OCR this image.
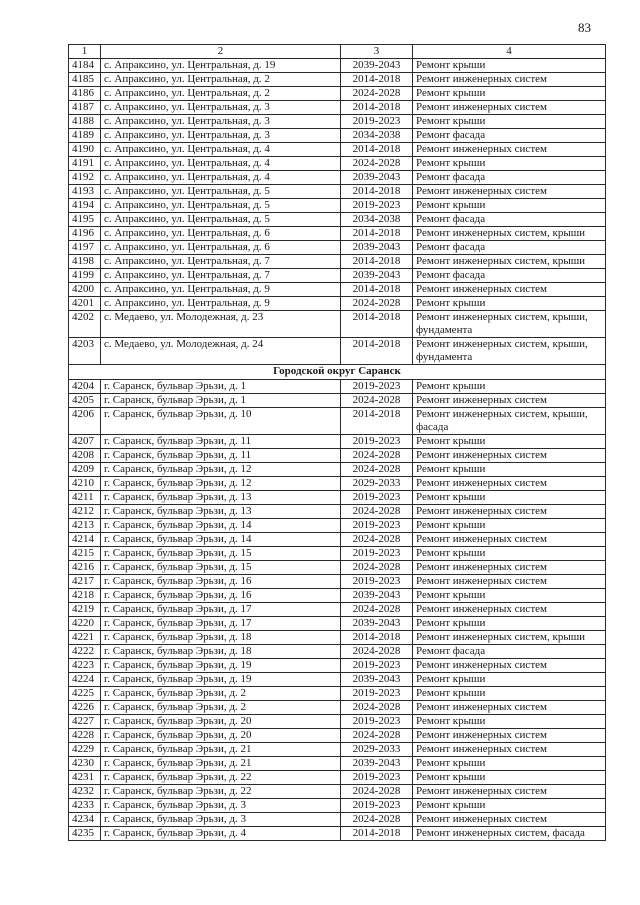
83
1	2	3	4
4184	с. Апраксино, ул. Центральная, д. 19	2039-2043	Ремонт крыши
4185	с. Апраксино, ул. Центральная, д. 2	2014-2018	Ремонт инженерных систем
4186	с. Апраксино, ул. Центральная, д. 2	2024-2028	Ремонт крыши
4187	с. Апраксино, ул. Центральная, д. 3	2014-2018	Ремонт инженерных систем
4188	с. Апраксино, ул. Центральная, д. 3	2019-2023	Ремонт крыши
4189	с. Апраксино, ул. Центральная, д. 3	2034-2038	Ремонт фасада
4190	с. Апраксино, ул. Центральная, д. 4	2014-2018	Ремонт инженерных систем
4191	с. Апраксино, ул. Центральная, д. 4	2024-2028	Ремонт крыши
4192	с. Апраксино, ул. Центральная, д. 4	2039-2043	Ремонт фасада
4193	с. Апраксино, ул. Центральная, д. 5	2014-2018	Ремонт инженерных систем
4194	с. Апраксино, ул. Центральная, д. 5	2019-2023	Ремонт крыши
4195	с. Апраксино, ул. Центральная, д. 5	2034-2038	Ремонт фасада
4196	с. Апраксино, ул. Центральная, д. 6	2014-2018	Ремонт инженерных систем, крыши
4197	с. Апраксино, ул. Центральная, д. 6	2039-2043	Ремонт фасада
4198	с. Апраксино, ул. Центральная, д. 7	2014-2018	Ремонт инженерных систем, крыши
4199	с. Апраксино, ул. Центральная, д. 7	2039-2043	Ремонт фасада
4200	с. Апраксино, ул. Центральная, д. 9	2014-2018	Ремонт инженерных систем
4201	с. Апраксино, ул. Центральная, д. 9	2024-2028	Ремонт крыши
4202	с. Медаево, ул. Молодежная, д. 23	2014-2018	Ремонт инженерных систем, крыши, фундамента
4203	с. Медаево, ул. Молодежная, д. 24	2014-2018	Ремонт инженерных систем, крыши, фундамента
Городской округ Саранск			
4204	г. Саранск, бульвар Эрьзи, д. 1	2019-2023	Ремонт крыши
4205	г. Саранск, бульвар Эрьзи, д. 1	2024-2028	Ремонт инженерных систем
4206	г. Саранск, бульвар Эрьзи, д. 10	2014-2018	Ремонт инженерных систем, крыши, фасада
4207	г. Саранск, бульвар Эрьзи, д. 11	2019-2023	Ремонт крыши
4208	г. Саранск, бульвар Эрьзи, д. 11	2024-2028	Ремонт инженерных систем
4209	г. Саранск, бульвар Эрьзи, д. 12	2024-2028	Ремонт крыши
4210	г. Саранск, бульвар Эрьзи, д. 12	2029-2033	Ремонт инженерных систем
4211	г. Саранск, бульвар Эрьзи, д. 13	2019-2023	Ремонт крыши
4212	г. Саранск, бульвар Эрьзи, д. 13	2024-2028	Ремонт инженерных систем
4213	г. Саранск, бульвар Эрьзи, д. 14	2019-2023	Ремонт крыши
4214	г. Саранск, бульвар Эрьзи, д. 14	2024-2028	Ремонт инженерных систем
4215	г. Саранск, бульвар Эрьзи, д. 15	2019-2023	Ремонт крыши
4216	г. Саранск, бульвар Эрьзи, д. 15	2024-2028	Ремонт инженерных систем
4217	г. Саранск, бульвар Эрьзи, д. 16	2019-2023	Ремонт инженерных систем
4218	г. Саранск, бульвар Эрьзи, д. 16	2039-2043	Ремонт крыши
4219	г. Саранск, бульвар Эрьзи, д. 17	2024-2028	Ремонт инженерных систем
4220	г. Саранск, бульвар Эрьзи, д. 17	2039-2043	Ремонт крыши
4221	г. Саранск, бульвар Эрьзи, д. 18	2014-2018	Ремонт инженерных систем, крыши
4222	г. Саранск, бульвар Эрьзи, д. 18	2024-2028	Ремонт фасада
4223	г. Саранск, бульвар Эрьзи, д. 19	2019-2023	Ремонт инженерных систем
4224	г. Саранск, бульвар Эрьзи, д. 19	2039-2043	Ремонт крыши
4225	г. Саранск, бульвар Эрьзи, д. 2	2019-2023	Ремонт крыши
4226	г. Саранск, бульвар Эрьзи, д. 2	2024-2028	Ремонт инженерных систем
4227	г. Саранск, бульвар Эрьзи, д. 20	2019-2023	Ремонт крыши
4228	г. Саранск, бульвар Эрьзи, д. 20	2024-2028	Ремонт инженерных систем
4229	г. Саранск, бульвар Эрьзи, д. 21	2029-2033	Ремонт инженерных систем
4230	г. Саранск, бульвар Эрьзи, д. 21	2039-2043	Ремонт крыши
4231	г. Саранск, бульвар Эрьзи, д. 22	2019-2023	Ремонт крыши
4232	г. Саранск, бульвар Эрьзи, д. 22	2024-2028	Ремонт инженерных систем
4233	г. Саранск, бульвар Эрьзи, д. 3	2019-2023	Ремонт крыши
4234	г. Саранск, бульвар Эрьзи, д. 3	2024-2028	Ремонт инженерных систем
4235	г. Саранск, бульвар Эрьзи, д. 4	2014-2018	Ремонт инженерных систем, фасада
